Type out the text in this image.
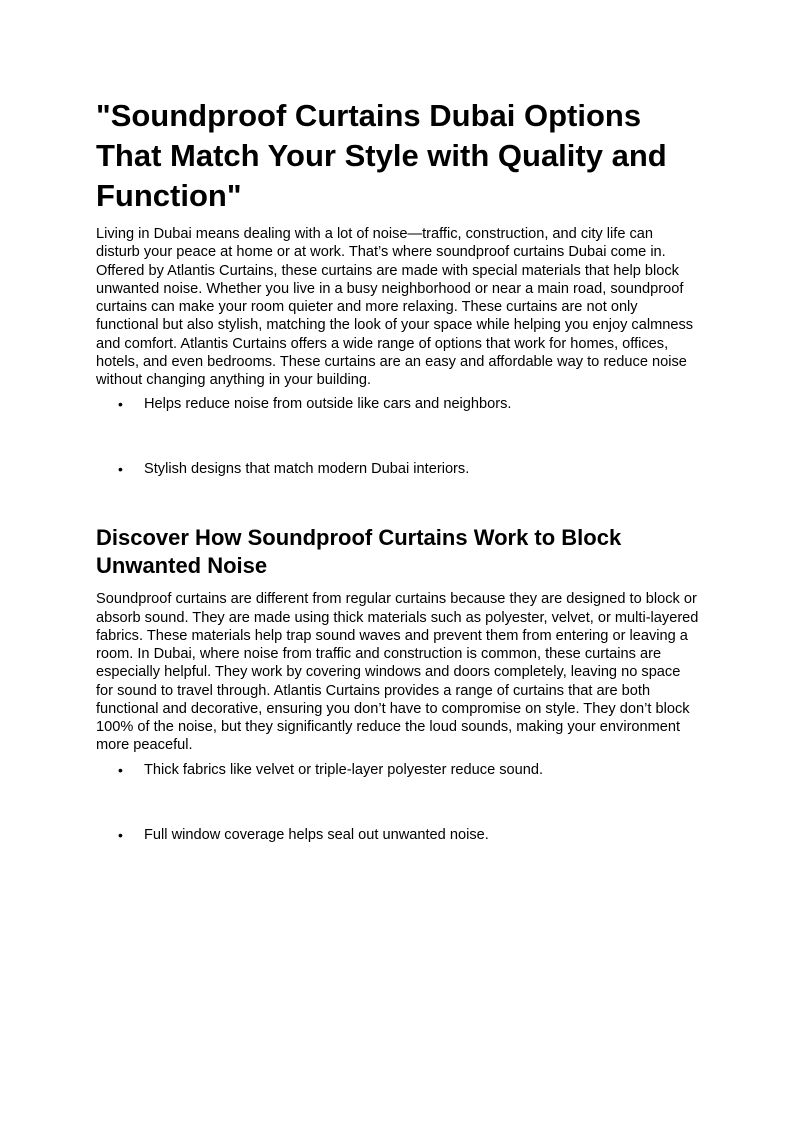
"Soundproof Curtains Dubai Options That Match Your Style with Quality and Function"

Living in Dubai means dealing with a lot of noise—traffic, construction, and city life can disturb your peace at home or at work. That’s where soundproof curtains Dubai come in. Offered by Atlantis Curtains, these curtains are made with special materials that help block unwanted noise. Whether you live in a busy neighborhood or near a main road, soundproof curtains can make your room quieter and more relaxing. These curtains are not only functional but also stylish, matching the look of your space while helping you enjoy calmness and comfort. Atlantis Curtains offers a wide range of options that work for homes, offices, hotels, and even bedrooms. These curtains are an easy and affordable way to reduce noise without changing anything in your building.

• Helps reduce noise from outside like cars and neighbors.
• Stylish designs that match modern Dubai interiors.
Discover How Soundproof Curtains Work to Block Unwanted Noise

Soundproof curtains are different from regular curtains because they are designed to block or absorb sound. They are made using thick materials such as polyester, velvet, or multi-layered fabrics. These materials help trap sound waves and prevent them from entering or leaving a room. In Dubai, where noise from traffic and construction is common, these curtains are especially helpful. They work by covering windows and doors completely, leaving no space for sound to travel through. Atlantis Curtains provides a range of curtains that are both functional and decorative, ensuring you don’t have to compromise on style. They don’t block 100% of the noise, but they significantly reduce the loud sounds, making your environment more peaceful.

• Thick fabrics like velvet or triple-layer polyester reduce sound.
• Full window coverage helps seal out unwanted noise.
